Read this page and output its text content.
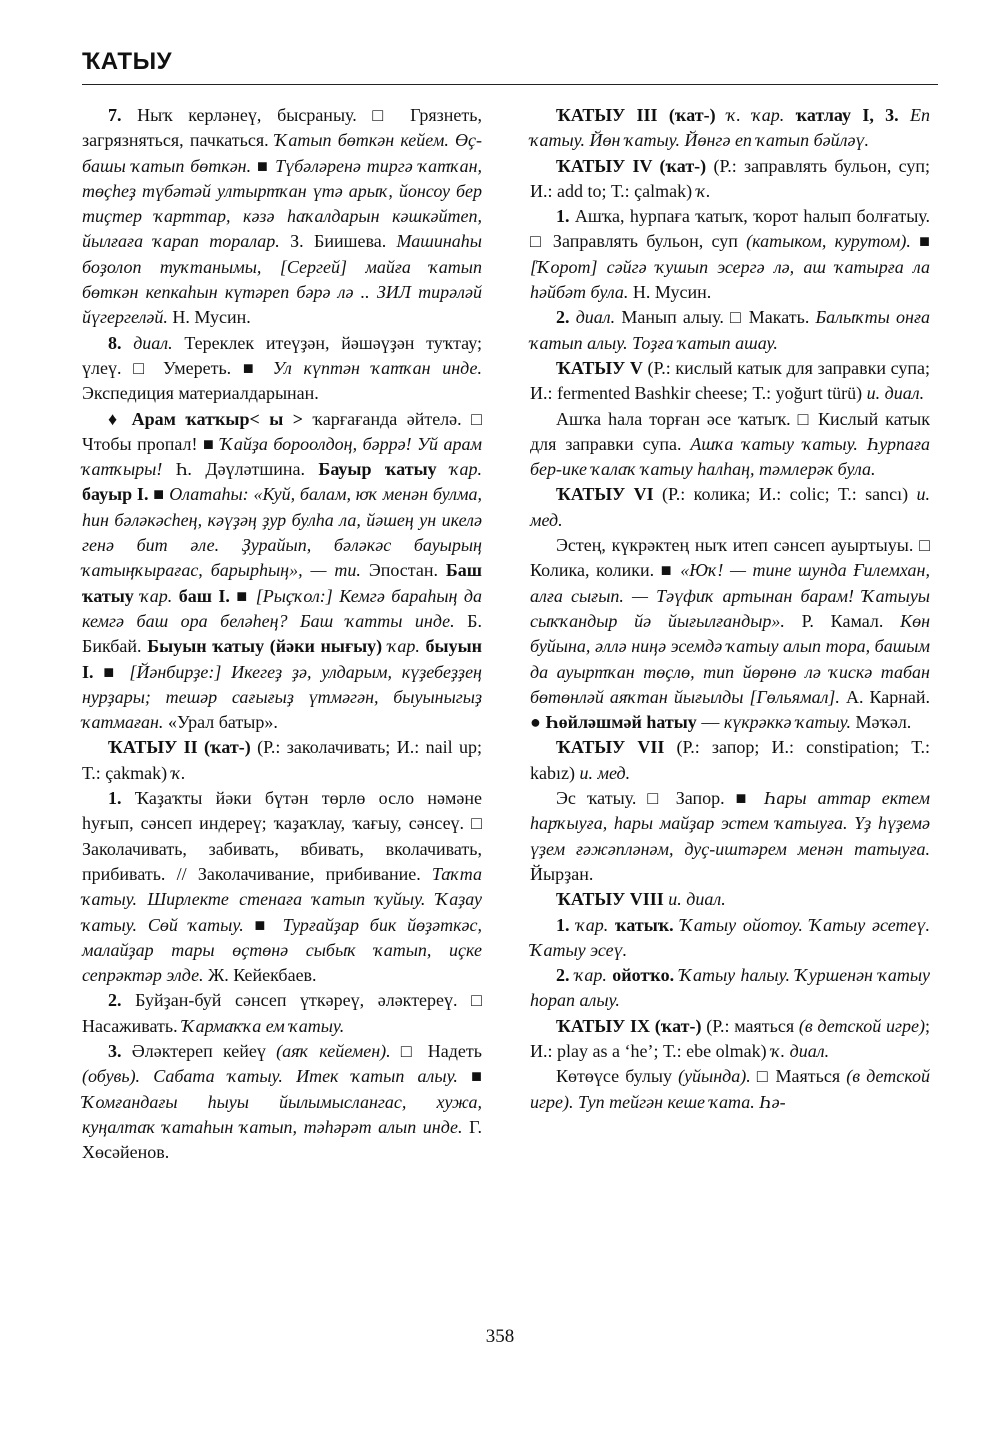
ҠАТЫУ

7. Ныҡ керләнеү, бысраныу. □ Грязнеть, загрязняться, пачкаться. Ҡатып бөткән кейем. Өҫ-башы ҡатып бөткән. ■ Түбәләренә тиргә ҡатҡан, төҫһеҙ түбәтәй ултыртҡан үтә арыҡ, йонсоу бер тиҫтер ҡарттар, кәзә һаҡалдарын кәшкәйтеп, йылғаға ҡарап торалар. З. Биишева. Машинаһы боҙолоп туҡтанымы, [Сергей] майға ҡатып бөткән кепкаһын күтәреп бәрә лә .. ЗИЛ тирәләй йүгергеләй. Н. Мусин.

8. диал. Тереклек итеүҙән, йәшәүҙән туҡтау; үлеү. □ Умереть. ■ Ул күптән ҡатҡан инде. Экспедиция материалдарынан.

♦ Арам ҡатҡыр< ы > ҡарғағанда әйтелә. □ Чтобы пропал! ■ Ҡайҙа бороолдоң, бәррә! Уй арам ҡатҡыры! Һ. Дәүләтшина. Бауыр ҡатыу ҡар. бауыр I. ■ Олатаһы: «Куй, балам, юҡ менән булма, һин бәләкәсһең, кәүҙәң ҙур булһа ла, йәшең ун икелә генә бит әле. Ҙурайып, бәләкәс бауырың ҡатыңҡырағас, барырһың», — ти. Эпостан. Баш ҡатыу ҡар. баш I. ■ [Рыҫҡол:] Кемгә бараһың да кемгә баш ора беләһең? Баш ҡатты инде. Б. Бикбай. Быуын ҡатыу (йәки нығыу) ҡар. быуын I. ■ [Йәнбирҙе:] Икегеҙ ҙә, улдарым, күҙебеҙҙең нурҙары; тешәр сағығыҙ үтмәгән, быуыныгыҙ ҡатмаған. «Урал батыр».

ҠАТЫУ II (ҡат-) (Р.: заколачивать; И.: nail up; Т.: çakmak) ҡ.

1. Ҡаҙаҡты йәки бүтән төрлө осло нәмәне һуғып, сәнсеп индереү; ҡаҙаҡлау, ҡағыу, сәнсеү. □ Заколачивать, забивать, вбивать, вколачивать, прибивать. // Заколачивание, прибивание. Таҡта ҡатыу. Ширлекте стенаға ҡатып ҡуйыу. Ҡаҙау ҡатыу. Сөй ҡатыу. ■ Турғайҙар бик йөҙәткәс, малайҙар тары өҫтөнә сыбыҡ ҡатып, иҫке сепрәктәр элде. Ж. Кейекбаев.

2. Буйҙан-буй сәнсеп үткәреү, әләктереү. □ Насаживать. Ҡармаҡҡа ем ҡатыу.

3. Әләктереп кейеү (аяҡ кейемен). □ Надеть (обувь). Сабата ҡатыу. Итек ҡатып алыу. ■ Ҡомғандағы һыуы йылымыслангас, хужа, куңалтаҡ ҡатаһын ҡатып, тәһәрәт алып инде. Г. Хөсәйенов.

ҠАТЫУ III (ҡат-) ҡ. ҡар. ҡатлау I, 3. Еп ҡатыу. Йөн ҡатыу. Йөнгә еп ҡатып бәйләү.

ҠАТЫУ IV (ҡат-) (Р.: заправлять бульон, суп; И.: add to; Т.: çalmak) ҡ.

1. Ашҡа, һурпаға ҡатыҡ, ҡорот һалып болғатыу. □ Заправлять бульон, суп (катыком, курутом). ■ [Ҡорот] сәйгә ҡушып эсергә лә, аш ҡатырға ла һәйбәт була. Н. Мусин.

2. диал. Манып алыу. □ Макать. Балыҡты онға ҡатып алыу. Тоҙға ҡатып ашау.

ҠАТЫУ V (Р.: кислый катык для заправки супа; И.: fermented Bashkir cheese; Т.: yoğurt türü) и. диал.

Ашҡа һала торған әсе ҡатыҡ. □ Кислый катык для заправки супа. Ашҡа ҡатыу ҡатыу. Һурпаға бер-ике ҡалаҡ ҡатыу һалһаң, тәмлерәк була.

ҠАТЫУ VI (Р.: колика; И.: colic; Т.: sancı) и. мед.

Эстең, күкрәктең ныҡ итеп сәнсеп ауыртыуы. □ Колика, колики. ■ «Юҡ! — тине шунда Ғилемхан, алға сығып. — Тәүфиҡ артынан барам! Ҡатыуы сыҡҡандыр йә йығылғандыр». Р. Камал. Көн буйына, әллә ниңә эсемдә ҡатыу алып тора, башым да ауыртҡан төҫлө, тип йөрөнө лә ҡискә табан бөтөнләй аяҡтан йығылды [Гөльямал]. А. Карнай. ● Һөйләшмәй һатыу — күкрәккә ҡатыу. Мәҡәл.

ҠАТЫУ VII (Р.: запор; И.: constipation; Т.: kabız) и. мед.

Эс ҡатыу. □ Запор. ■ Һары аттар ектем һарҡыуға, һары майҙар эстем ҡатыуға. Үҙ һүҙемә үҙем ғәжәпләнәм, дуҫ-иштәрем менән татыуға. Йырҙан.

ҠАТЫУ VIII и. диал.

1. ҡар. ҡатыҡ. Ҡатыу ойотоу. Ҡатыу әсетеү. Ҡатыу эсеү.

2. ҡар. ойотҡо. Ҡатыу һалыу. Ҡуршенән ҡатыу һорап алыу.

ҠАТЫУ IX (ҡат-) (Р.: маяться (в детской игре); И.: play as a ‘he’; Т.: ebe olmak) ҡ. диал.

Көтөүсе булыу (уйында). □ Маяться (в детской игре). Туп тейгән кеше ҡата. Һә-

358
